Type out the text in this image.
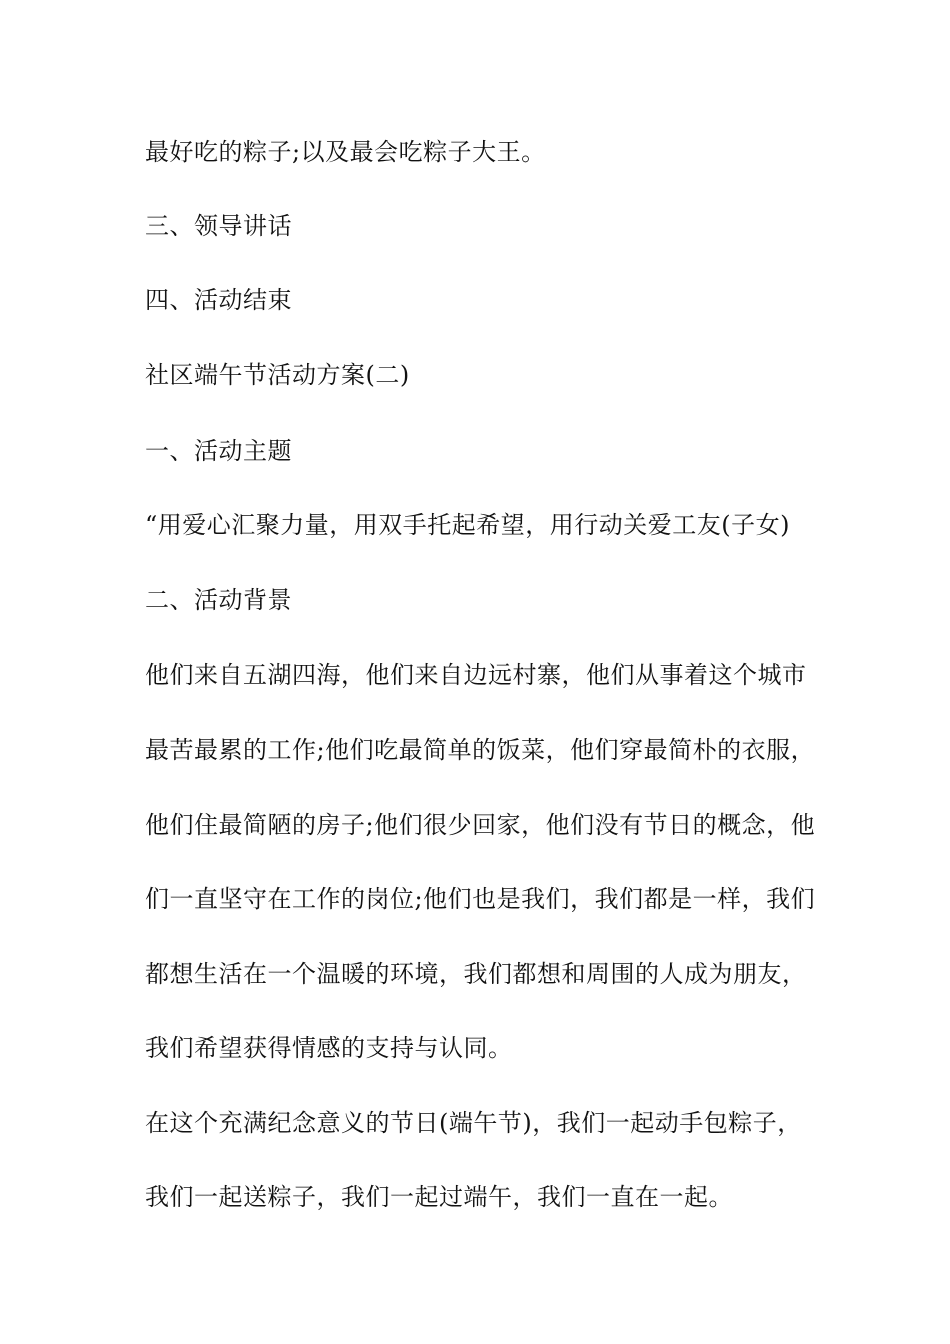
最好吃的粽子;以及最会吃粽子大王。
三、领导讲话
四、活动结束
社区端午节活动方案(二)
一、活动主题
“用爱心汇聚力量，用双手托起希望，用行动关爱工友(子女)
二、活动背景
他们来自五湖四海，他们来自边远村寨，他们从事着这个城市
最苦最累的工作;他们吃最简单的饭菜，他们穿最简朴的衣服，
他们住最简陋的房子;他们很少回家，他们没有节日的概念，他
们一直坚守在工作的岗位;他们也是我们，我们都是一样，我们
都想生活在一个温暖的环境，我们都想和周围的人成为朋友，
我们希望获得情感的支持与认同。
在这个充满纪念意义的节日(端午节)，我们一起动手包粽子，
我们一起送粽子，我们一起过端午，我们一直在一起。
